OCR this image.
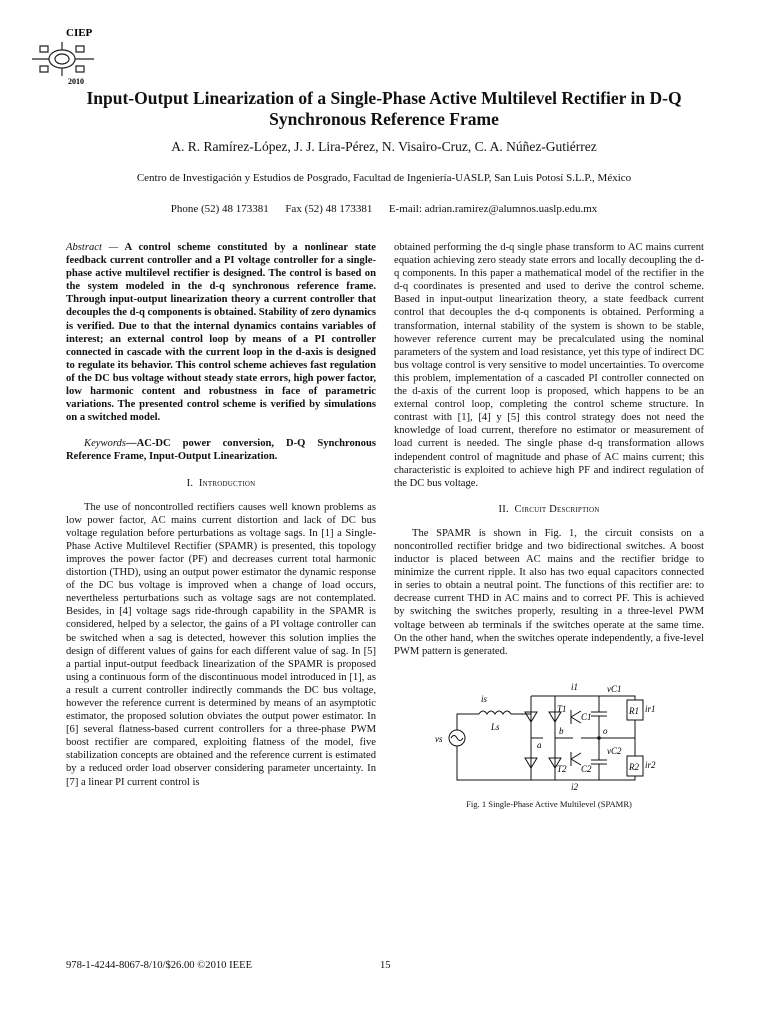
CIEP
2010
Input-Output Linearization of a Single-Phase Active Multilevel Rectifier in D-Q Synchronous Reference Frame
A. R. Ramírez-López, J. J. Lira-Pérez, N. Visairo-Cruz, C. A. Núñez-Gutiérrez
Centro de Investigación y Estudios de Posgrado, Facultad de Ingeniería-UASLP, San Luis Potosí S.L.P., México
Phone (52) 48 173381 Fax (52) 48 173381 E-mail: adrian.ramirez@alumnos.uaslp.edu.mx
Abstract — A control scheme constituted by a nonlinear state feedback current controller and a PI voltage controller for a single-phase active multilevel rectifier is designed. The control is based on the system modeled in the d-q synchronous reference frame. Through input-output linearization theory a current controller that decouples the d-q components is obtained. Stability of zero dynamics is verified. Due to that the internal dynamics contains variables of interest; an external control loop by means of a PI controller connected in cascade with the current loop in the d-axis is designed to regulate its behavior. This control scheme achieves fast regulation of the DC bus voltage without steady state errors, high power factor, low harmonic content and robustness in face of parametric variations. The presented control scheme is verified by simulations on a switched model.
Keywords—AC-DC power conversion, D-Q Synchronous Reference Frame, Input-Output Linearization.
I. Introduction

The use of noncontrolled rectifiers causes well known problems as low power factor, AC mains current distortion and lack of DC bus voltage regulation before perturbations as voltage sags. In [1] a Single-Phase Active Multilevel Rectifier (SPAMR) is presented, this topology improves the power factor (PF) and decreases current total harmonic distortion (THD), using an output power estimator the dynamic response of the DC bus voltage is improved when a change of load occurs, nevertheless perturbations such as voltage sags are not contemplated. Besides, in [4] voltage sags ride-through capability in the SPAMR is considered, helped by a selector, the gains of a PI voltage controller can be switched when a sag is detected, however this solution implies the design of different values of gains for each different value of sag. In [5] a partial input-output feedback linearization of the SPAMR is proposed using a continuous form of the discontinuous model introduced in [1], as a result a current controller indirectly commands the DC bus voltage, however the reference current is determined by means of an asymptotic estimator, the proposed solution obviates the output power estimator. In [6] several flatness-based current controllers for a three-phase PWM boost rectifier are compared, exploiting flatness of the model, five stabilization concepts are obtained and the reference current is estimated by a reduced order load observer considering parameter uncertainty. In [7] a linear PI current control is

obtained performing the d-q single phase transform to AC mains current equation achieving zero steady state errors and locally decoupling the d-q components. In this paper a mathematical model of the rectifier in the d-q coordinates is presented and used to derive the control scheme. Based in input-output linearization theory, a state feedback current control that decouples the d-q components is obtained. Performing a transformation, internal stability of the system is shown to be stable, however reference current may be precalculated using the nominal parameters of the system and load resistance, yet this type of indirect DC bus voltage control is very sensitive to model uncertainties. To overcome this problem, implementation of a cascaded PI controller connected on the d-axis of the current loop is proposed, which happens to be an external control loop, completing the control scheme structure. In contrast with [1], [4] y [5] this control strategy does not need the knowledge of load current, therefore no estimator or measurement of load current is needed. The single phase d-q transformation allows independent control of magnitude and phase of AC mains current; this characteristic is exploited to achieve high PF and indirect regulation of the DC bus voltage.

II. Circuit Description

The SPAMR is shown in Fig. 1, the circuit consists on a noncontrolled rectifier bridge and two bidirectional switches. A boost inductor is placed between AC mains and the rectifier bridge to minimize the current ripple. It also has two equal capacitors connected in series to obtain a neutral point. The functions of this rectifier are: to decrease current THD in AC mains and to correct PF. This is achieved by switching the switches properly, resulting in a three-level PWM voltage between ab terminals if the switches operate at the same time. On the other hand, when the switches operate independently, a five-level PWM pattern is generated.

vs
is
Ls
a
b	o
T1
T2
C1
C2
R1
R2
vC1
vC2
i1
i2
ir1
ir2
Fig. 1 Single-Phase Active Multilevel (SPAMR)
978-1-4244-8067-8/10/$26.00 ©2010 IEEE	15
